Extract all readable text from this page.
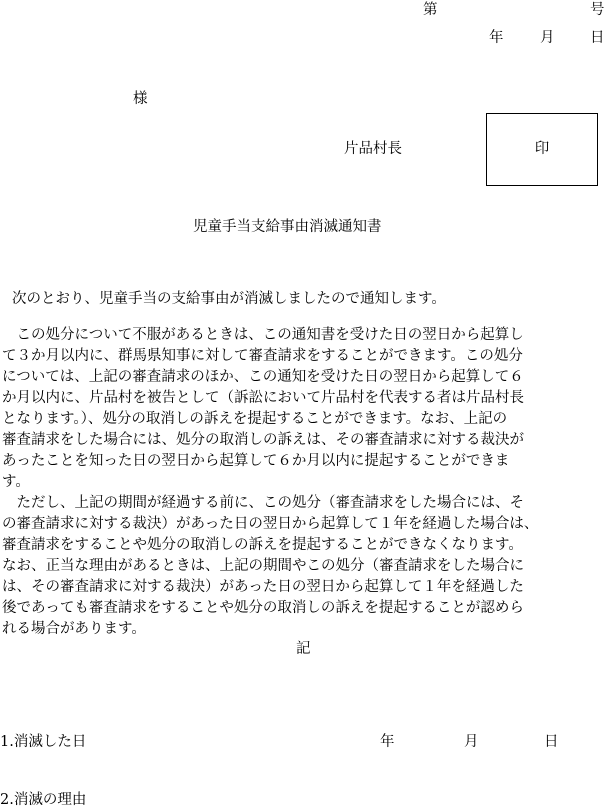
第	号
年	月 日
様
片品村長	印
児童手当支給事由消滅通知書
次のとおり、児童手当の支給事由が消滅しましたので通知します。
　この処分について不服があるときは、この通知書を受けた日の翌日から起算し
て３か月以内に、群馬県知事に対して審査請求をすることができます。この処分
については、上記の審査請求のほか、この通知を受けた日の翌日から起算して６
か月以内に、片品村を被告として（訴訟において片品村を代表する者は片品村長
となります。）、処分の取消しの訴えを提起することができます。なお、上記の
審査請求をした場合には、処分の取消しの訴えは、その審査請求に対する裁決が
あったことを知った日の翌日から起算して６か月以内に提起することができま
す。
　ただし、上記の期間が経過する前に、この処分（審査請求をした場合には、そ
の審査請求に対する裁決）があった日の翌日から起算して１年を経過した場合は、
審査請求をすることや処分の取消しの訴えを提起することができなくなります。
なお、正当な理由があるときは、上記の期間やこの処分（審査請求をした場合に
は、その審査請求に対する裁決）があった日の翌日から起算して１年を経過した
後であっても審査請求をすることや処分の取消しの訴えを提起することが認めら
れる場合があります。
記
1.消滅した日	年	月	日
2.消滅の理由
